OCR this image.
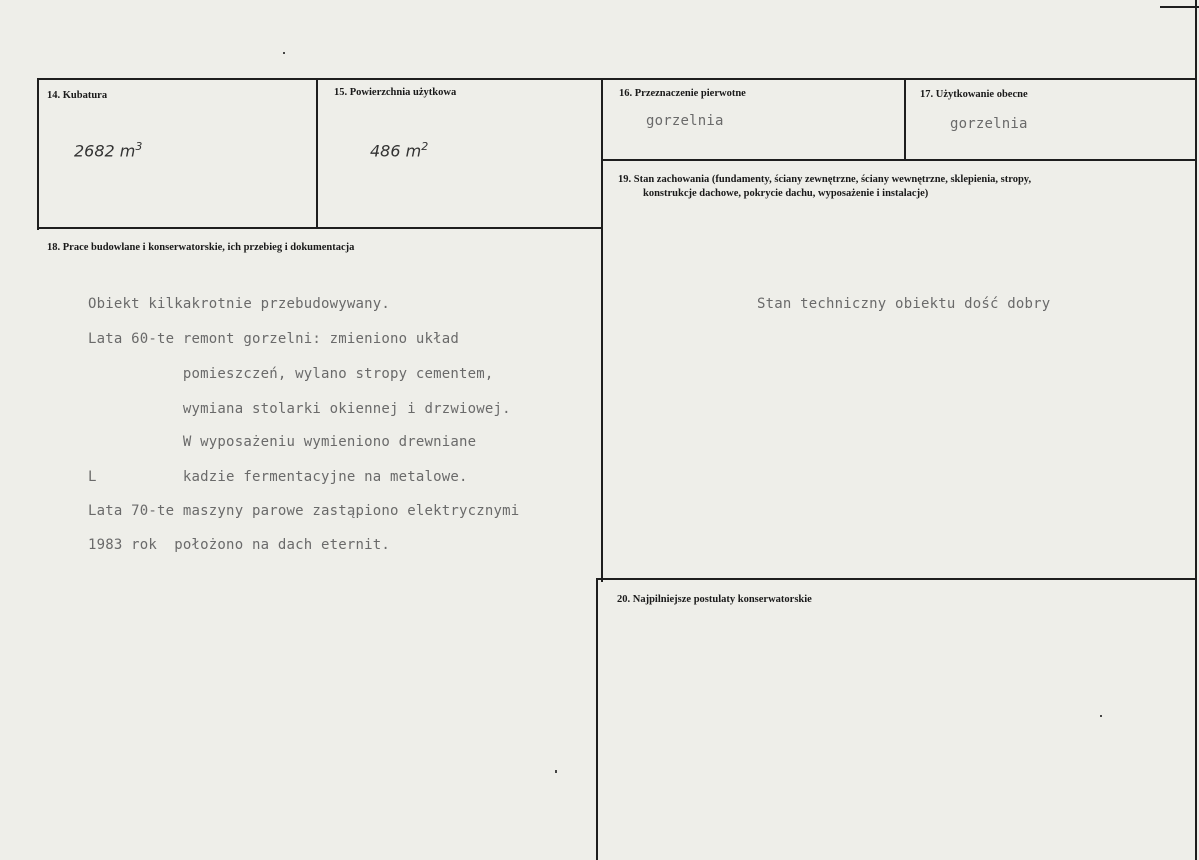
14. Kubatura
2682 $m^3$
15. Powierzchnia użytkowa
486 $m^2$
16. Przeznaczenie pierwotne
gorzelnia
17. Użytkowanie obecne
gorzelnia
19. Stan zachowania (fundamenty, ściany zewnętrzne, ściany wewnętrzne, sklepienia, stropy,
konstrukcje dachowe, pokrycie dachu, wyposażenie i instalacje)
Stan techniczny obiektu dość dobry
18. Prace budowlane i konserwatorskie, ich przebieg i dokumentacja
Obiekt kilkakrotnie przebudowywany.
Lata 60-te remont gorzelni: zmieniono układ
pomieszczeń, wylano stropy cementem,
wymiana stolarki okiennej i drzwiowej.
W wyposażeniu wymieniono drewniane
L          kadzie fermentacyjne na metalowe.
Lata 70-te maszyny parowe zastąpiono elektrycznymi
1983 rok  położono na dach eternit.
20. Najpilniejsze postulaty konserwatorskie
